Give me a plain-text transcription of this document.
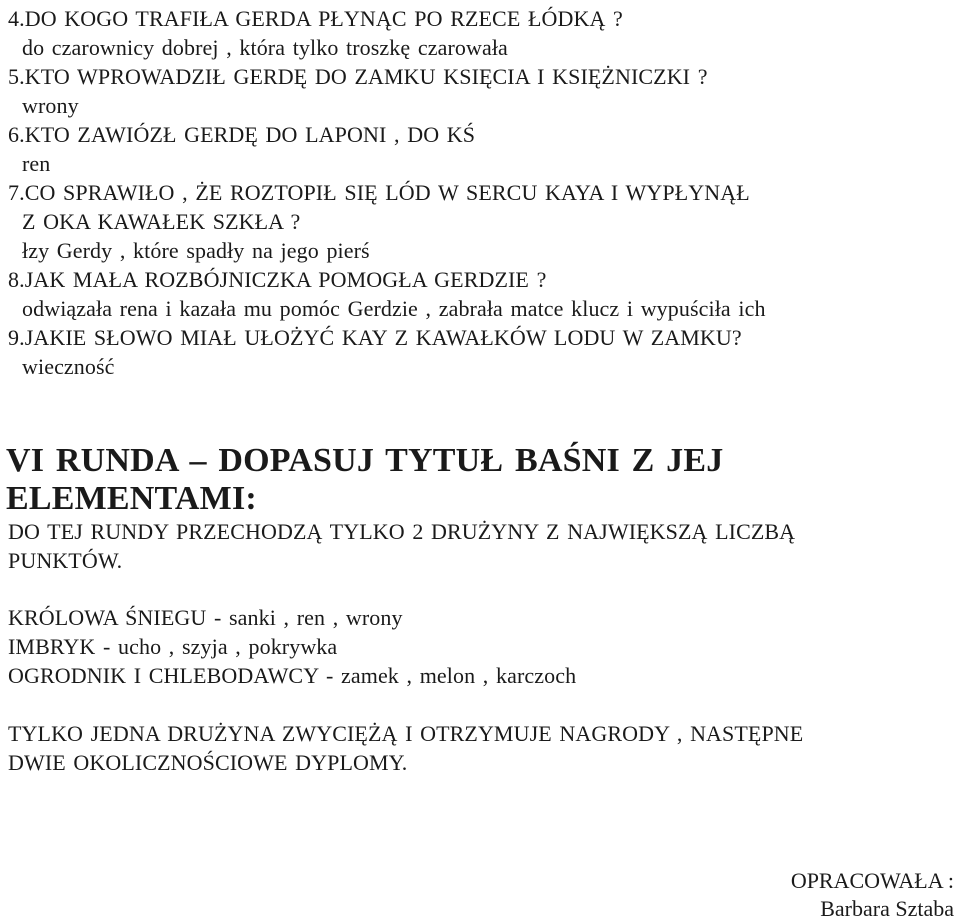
4.DO KOGO TRAFIŁA GERDA PŁYNĄC PO RZECE ŁÓDKĄ ?
do czarownicy dobrej , która tylko troszkę czarowała
5.KTO WPROWADZIŁ GERDĘ DO ZAMKU KSIĘCIA I KSIĘŻNICZKI ?
wrony
6.KTO ZAWIÓZŁ GERDĘ DO LAPONI , DO KŚ
ren
7.CO SPRAWIŁO , ŻE ROZTOPIŁ SIĘ LÓD W SERCU KAYA I WYPŁYNĄŁ
Z OKA KAWAŁEK SZKŁA ?
łzy Gerdy , które spadły na jego pierś
8.JAK MAŁA ROZBÓJNICZKA POMOGŁA GERDZIE ?
odwiązała rena i kazała mu pomóc Gerdzie , zabrała matce klucz i wypuściła ich
9.JAKIE SŁOWO MIAŁ UŁOŻYĆ KAY Z KAWAŁKÓW LODU W ZAMKU?
wieczność
VI RUNDA – DOPASUJ TYTUŁ BAŚNI Z JEJ
ELEMENTAMI:
DO TEJ RUNDY PRZECHODZĄ TYLKO 2 DRUŻYNY Z NAJWIĘKSZĄ LICZBĄ
PUNKTÓW.
KRÓLOWA ŚNIEGU - sanki , ren , wrony
IMBRYK - ucho , szyja , pokrywka
OGRODNIK I CHLEBODAWCY - zamek , melon , karczoch
TYLKO JEDNA DRUŻYNA ZWYCIĘŻĄ I OTRZYMUJE NAGRODY , NASTĘPNE
DWIE OKOLICZNOŚCIOWE DYPLOMY.
OPRACOWAŁA :
Barbara Sztaba
